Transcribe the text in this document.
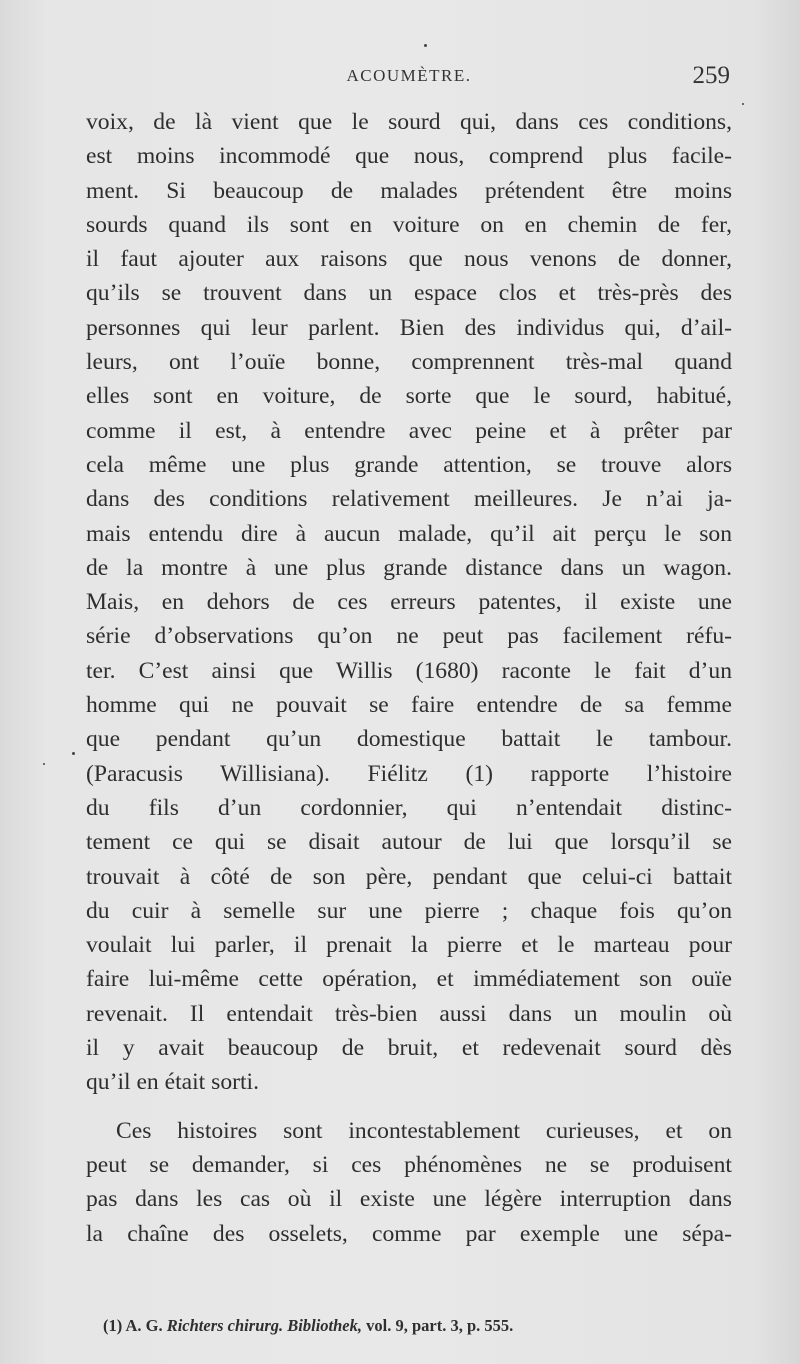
ACOUMÈTRE.	259
voix, de là vient que le sourd qui, dans ces conditions,
est moins incommodé que nous, comprend plus facile-
ment. Si beaucoup de malades prétendent être moins
sourds quand ils sont en voiture on en chemin de fer,
il faut ajouter aux raisons que nous venons de donner,
qu’ils se trouvent dans un espace clos et très-près des
personnes qui leur parlent. Bien des individus qui, d’ail-
leurs, ont l’ouïe bonne, comprennent très-mal quand
elles sont en voiture, de sorte que le sourd, habitué,
comme il est, à entendre avec peine et à prêter par
cela même une plus grande attention, se trouve alors
dans des conditions relativement meilleures. Je n’ai ja-
mais entendu dire à aucun malade, qu’il ait perçu le son
de la montre à une plus grande distance dans un wagon.
Mais, en dehors de ces erreurs patentes, il existe une
série d’observations qu’on ne peut pas facilement réfu-
ter. C’est ainsi que Willis (1680) raconte le fait d’un
homme qui ne pouvait se faire entendre de sa femme
que pendant qu’un domestique battait le tambour.
(Paracusis Willisiana). Fiélitz (1) rapporte l’histoire
du fils d’un cordonnier, qui n’entendait distinc-
tement ce qui se disait autour de lui que lorsqu’il se
trouvait à côté de son père, pendant que celui-ci battait
du cuir à semelle sur une pierre ; chaque fois qu’on
voulait lui parler, il prenait la pierre et le marteau pour
faire lui-même cette opération, et immédiatement son ouïe
revenait. Il entendait très-bien aussi dans un moulin où
il y avait beaucoup de bruit, et redevenait sourd dès
qu’il en était sorti.
Ces histoires sont incontestablement curieuses, et on
peut se demander, si ces phénomènes ne se produisent
pas dans les cas où il existe une légère interruption dans
la chaîne des osselets, comme par exemple une sépa-
(1) A. G. Richters chirurg. Bibliothek, vol. 9, part. 3, p. 555.
